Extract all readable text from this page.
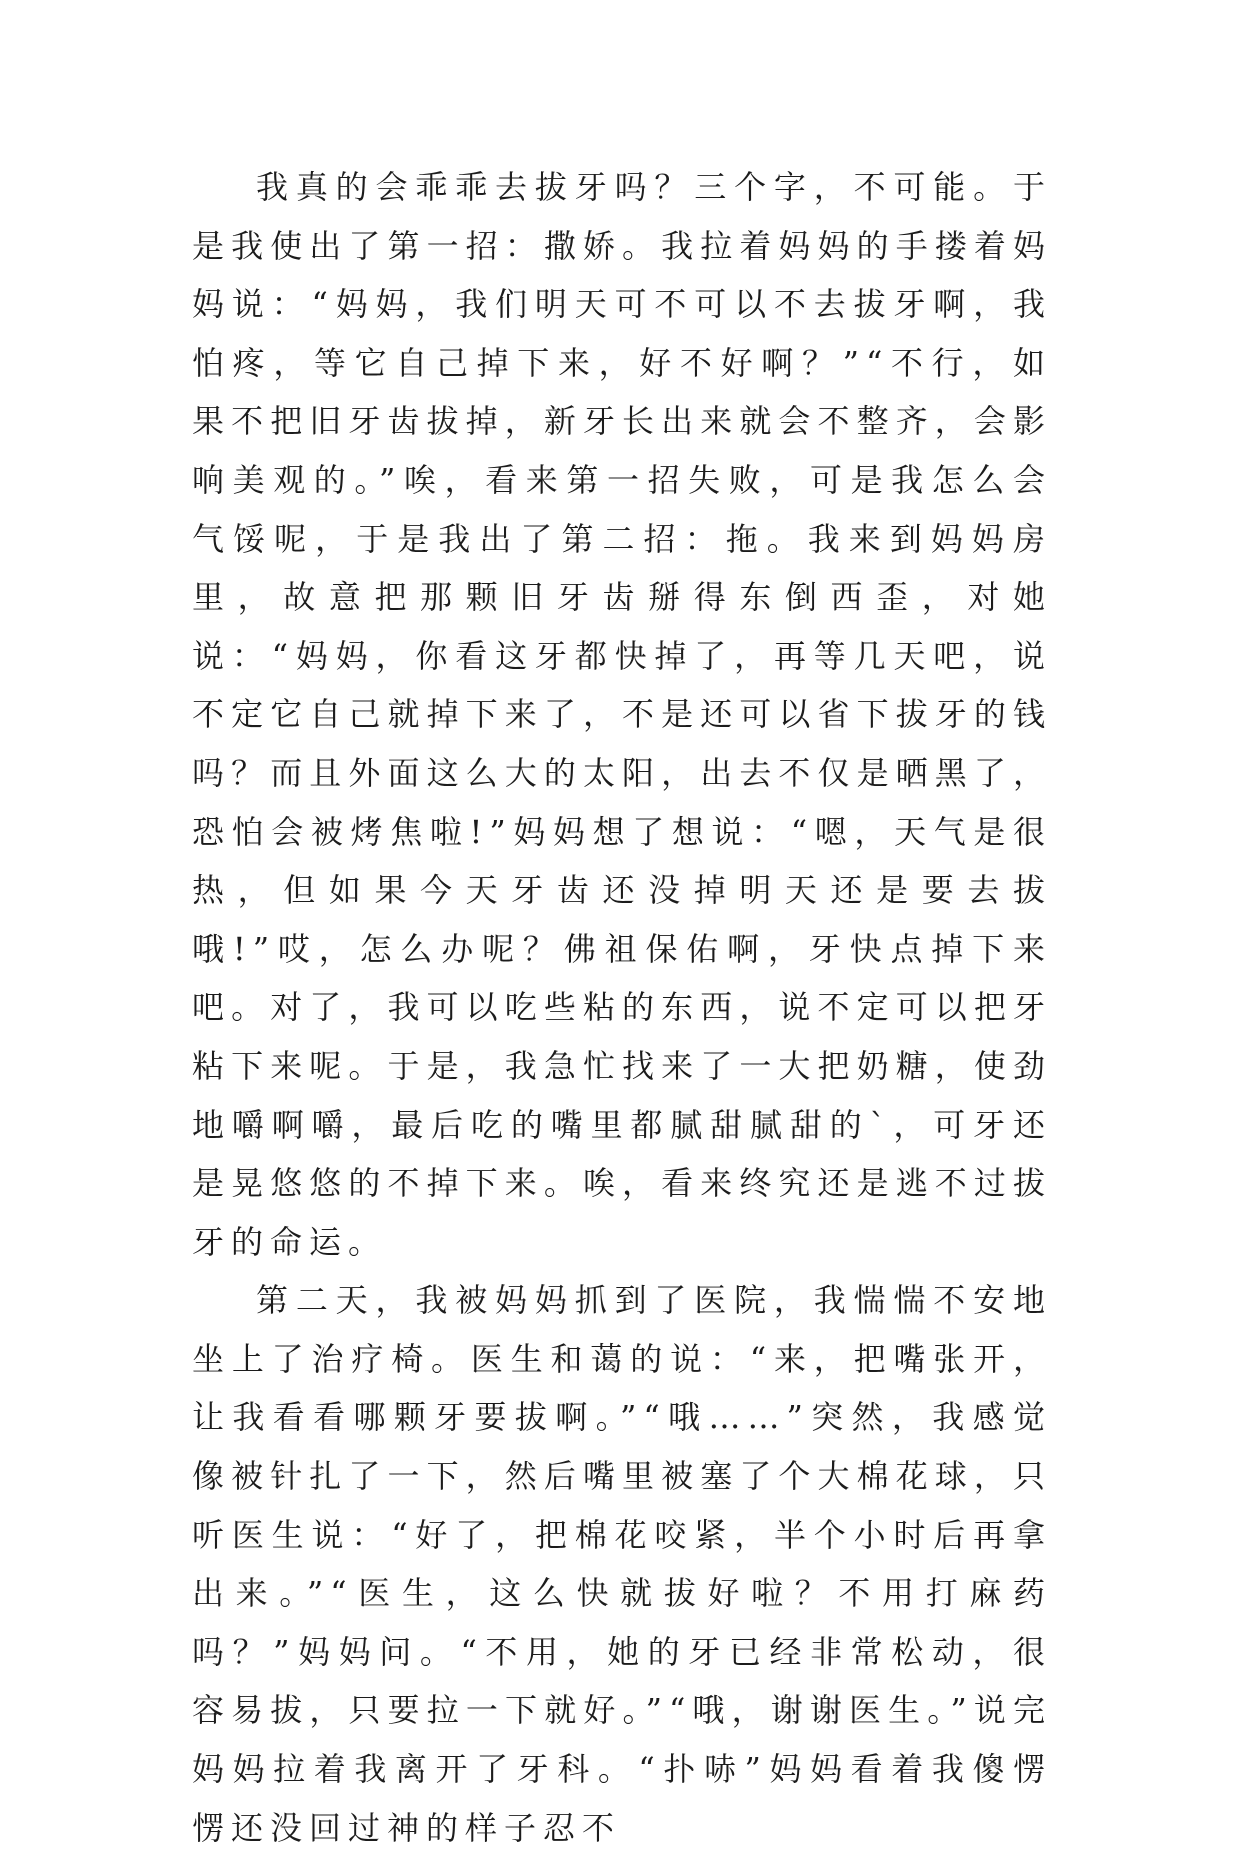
我真的会乖乖去拔牙吗？三个字，不可能。于是我使出了第一招：撒娇。我拉着妈妈的手搂着妈妈说：“妈妈，我们明天可不可以不去拔牙啊，我怕疼，等它自己掉下来，好不好啊？”“不行，如果不把旧牙齿拔掉，新牙长出来就会不整齐，会影响美观的。”唉，看来第一招失败，可是我怎么会气馁呢，于是我出了第二招：拖。我来到妈妈房里，故意把那颗旧牙齿掰得东倒西歪，对她说：“妈妈，你看这牙都快掉了，再等几天吧，说不定它自己就掉下来了，不是还可以省下拔牙的钱吗？而且外面这么大的太阳，出去不仅是晒黑了，恐怕会被烤焦啦!”妈妈想了想说：“嗯，天气是很热，但如果今天牙齿还没掉明天还是要去拔哦!”哎，怎么办呢？佛祖保佑啊，牙快点掉下来吧。对了，我可以吃些粘的东西，说不定可以把牙粘下来呢。于是，我急忙找来了一大把奶糖，使劲地嚼啊嚼，最后吃的嘴里都腻甜腻甜的`，可牙还是晃悠悠的不掉下来。唉，看来终究还是逃不过拔牙的命运。

第二天，我被妈妈抓到了医院，我惴惴不安地坐上了治疗椅。医生和蔼的说：“来，把嘴张开，让我看看哪颗牙要拔啊。”“哦……”突然，我感觉像被针扎了一下，然后嘴里被塞了个大棉花球，只听医生说：“好了，把棉花咬紧，半个小时后再拿出来。”“医生，这么快就拔好啦？不用打麻药吗？”妈妈问。“不用，她的牙已经非常松动，很容易拔，只要拉一下就好。”“哦，谢谢医生。”说完妈妈拉着我离开了牙科。“扑哧”妈妈看着我傻愣愣还没回过神的样子忍不
